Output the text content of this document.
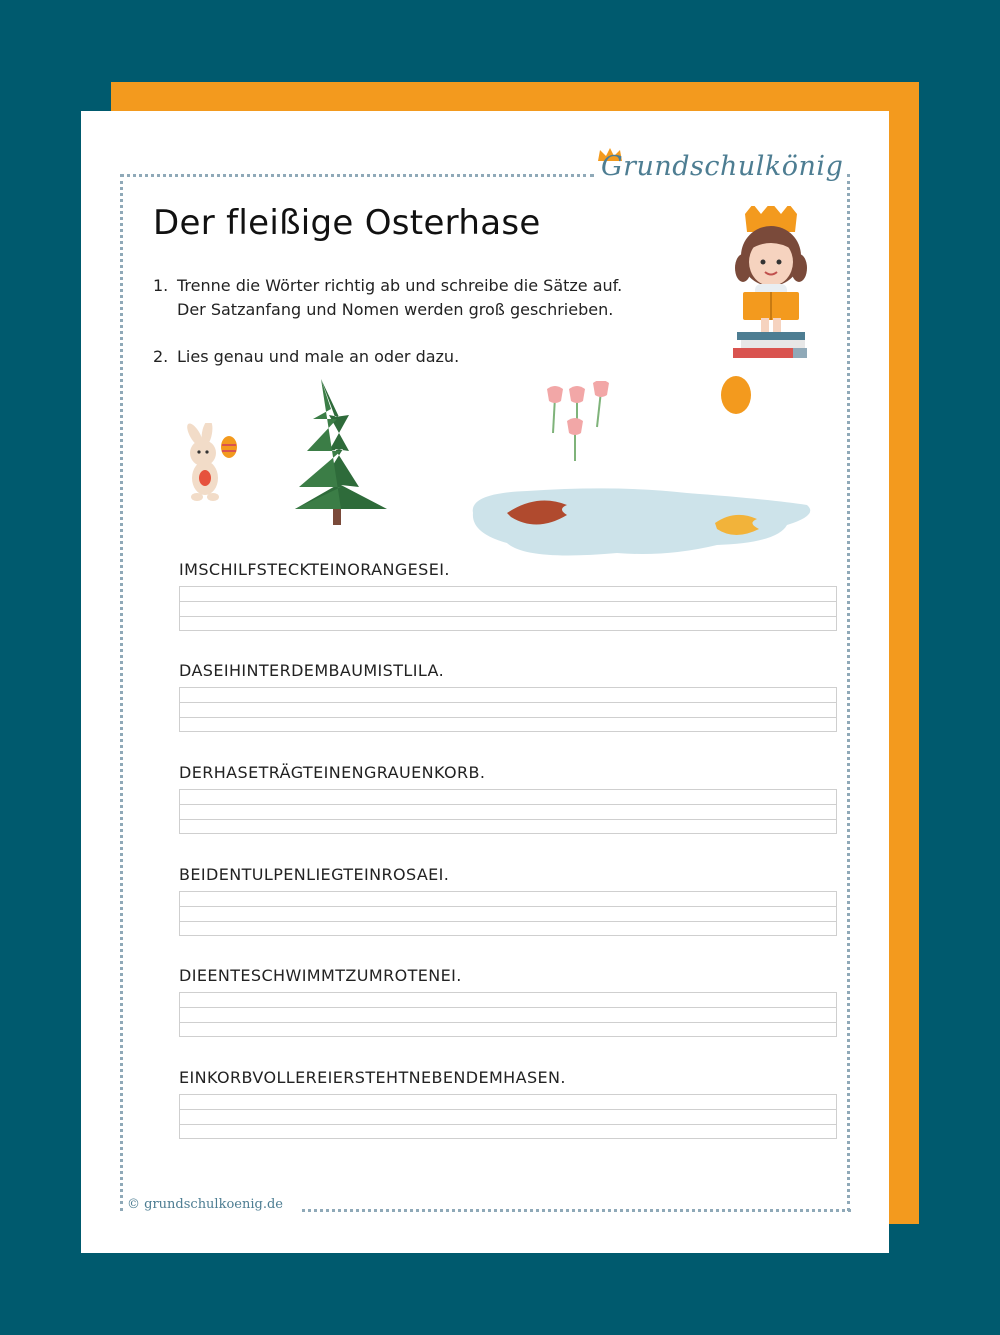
Grundschulkönig
Der fleißige Osterhase
1. Trenne die Wörter richtig ab und schreibe die Sätze auf.
Der Satzanfang und Nomen werden groß geschrieben.
2. Lies genau und male an oder dazu.
IMSCHILFSTECKTEINORANGESEI.
DASEIHINTERDEMBAUMISTLILA.
DERHASETRÄGTEINENGRAUENKORB.
BEIDENTULPENLIEGTEINROSAEI.
DIEENTESCHWIMMTZUMROTENEI.
EINKORBVOLLEREIERSTEHTNEBENDEMHASEN.
© grundschulkoenig.de
